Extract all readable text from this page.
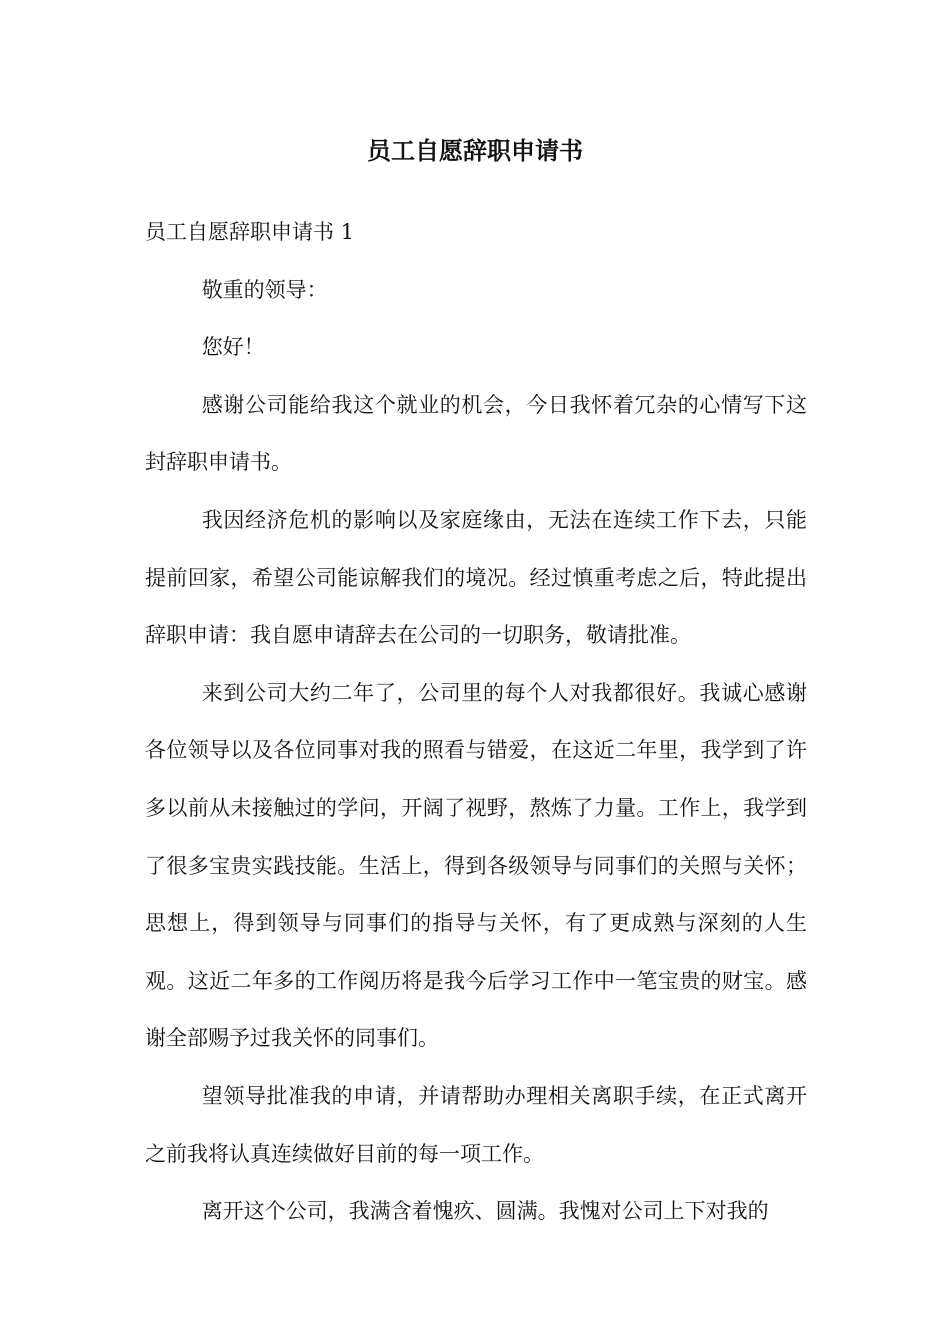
员工自愿辞职申请书

员工自愿辞职申请书 1

敬重的领导：

您好！

感谢公司能给我这个就业的机会，今日我怀着冗杂的心情写下这封辞职申请书。

我因经济危机的影响以及家庭缘由，无法在连续工作下去，只能提前回家，希望公司能谅解我们的境况。经过慎重考虑之后，特此提出辞职申请：我自愿申请辞去在公司的一切职务，敬请批准。

来到公司大约二年了，公司里的每个人对我都很好。我诚心感谢各位领导以及各位同事对我的照看与错爱，在这近二年里，我学到了许多以前从未接触过的学问，开阔了视野，熬炼了力量。工作上，我学到了很多宝贵实践技能。生活上，得到各级领导与同事们的关照与关怀；思想上，得到领导与同事们的指导与关怀，有了更成熟与深刻的人生观。这近二年多的工作阅历将是我今后学习工作中一笔宝贵的财宝。感谢全部赐予过我关怀的同事们。

望领导批准我的申请，并请帮助办理相关离职手续，在正式离开之前我将认真连续做好目前的每一项工作。

离开这个公司，我满含着愧疚、圆满。我愧对公司上下对我的
